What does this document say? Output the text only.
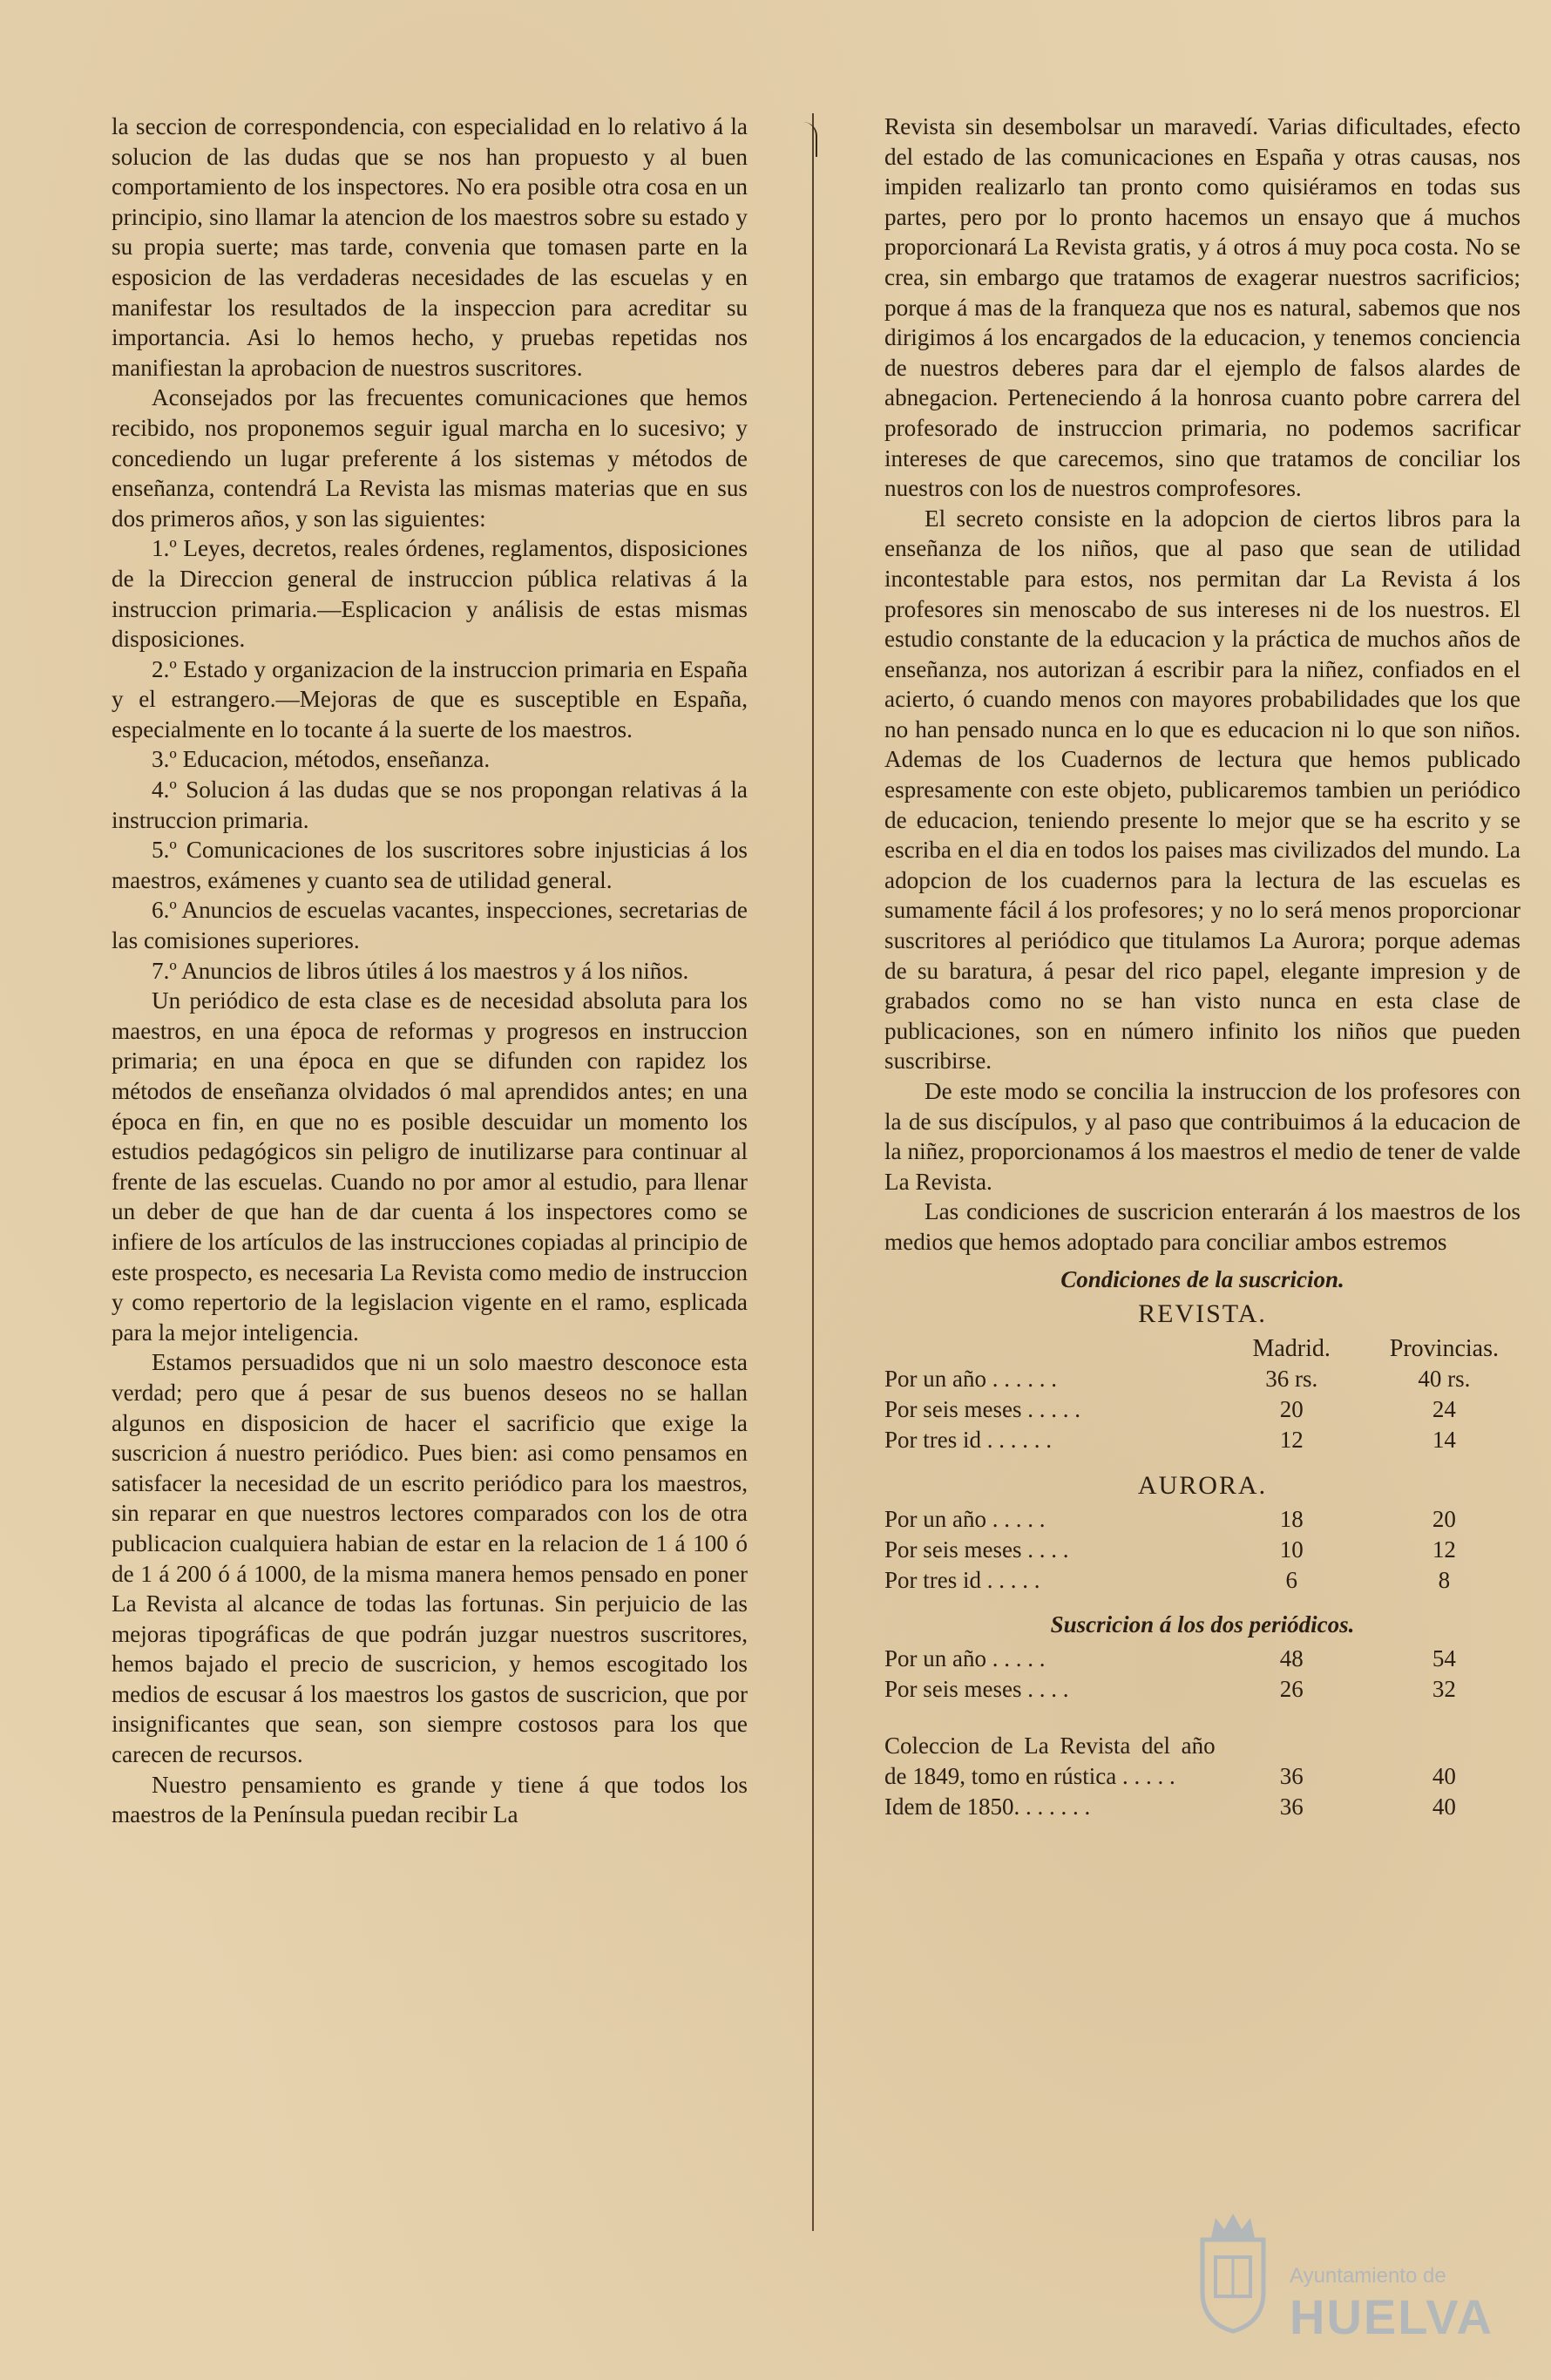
la seccion de correspondencia, con especialidad en lo relativo á la solucion de las dudas que se nos han propuesto y al buen comportamiento de los inspectores. No era posible otra cosa en un principio, sino llamar la atencion de los maestros sobre su estado y su propia suerte; mas tarde, convenia que tomasen parte en la esposicion de las verdaderas necesidades de las escuelas y en manifestar los resultados de la inspeccion para acreditar su importancia. Asi lo hemos hecho, y pruebas repetidas nos manifiestan la aprobacion de nuestros suscritores.

Aconsejados por las frecuentes comunicaciones que hemos recibido, nos proponemos seguir igual marcha en lo sucesivo; y concediendo un lugar preferente á los sistemas y métodos de enseñanza, contendrá La Revista las mismas materias que en sus dos primeros años, y son las siguientes:

1.º Leyes, decretos, reales órdenes, reglamentos, disposiciones de la Direccion general de instruccion pública relativas á la instruccion primaria.—Esplicacion y análisis de estas mismas disposiciones.

2.º Estado y organizacion de la instruccion primaria en España y el estrangero.—Mejoras de que es susceptible en España, especialmente en lo tocante á la suerte de los maestros.

3.º Educacion, métodos, enseñanza.

4.º Solucion á las dudas que se nos propongan relativas á la instruccion primaria.

5.º Comunicaciones de los suscritores sobre injusticias á los maestros, exámenes y cuanto sea de utilidad general.

6.º Anuncios de escuelas vacantes, inspecciones, secretarias de las comisiones superiores.

7.º Anuncios de libros útiles á los maestros y á los niños.

Un periódico de esta clase es de necesidad absoluta para los maestros, en una época de reformas y progresos en instruccion primaria; en una época en que se difunden con rapidez los métodos de enseñanza olvidados ó mal aprendidos antes; en una época en fin, en que no es posible descuidar un momento los estudios pedagógicos sin peligro de inutilizarse para continuar al frente de las escuelas. Cuando no por amor al estudio, para llenar un deber de que han de dar cuenta á los inspectores como se infiere de los artículos de las instrucciones copiadas al principio de este prospecto, es necesaria La Revista como medio de instruccion y como repertorio de la legislacion vigente en el ramo, esplicada para la mejor inteligencia.

Estamos persuadidos que ni un solo maestro desconoce esta verdad; pero que á pesar de sus buenos deseos no se hallan algunos en disposicion de hacer el sacrificio que exige la suscricion á nuestro periódico. Pues bien: asi como pensamos en satisfacer la necesidad de un escrito periódico para los maestros, sin reparar en que nuestros lectores comparados con los de otra publicacion cualquiera habian de estar en la relacion de 1 á 100 ó de 1 á 200 ó á 1000, de la misma manera hemos pensado en poner La Revista al alcance de todas las fortunas. Sin perjuicio de las mejoras tipográficas de que podrán juzgar nuestros suscritores, hemos bajado el precio de suscricion, y hemos escogitado los medios de escusar á los maestros los gastos de suscricion, que por insignificantes que sean, son siempre costosos para los que carecen de recursos.

Nuestro pensamiento es grande y tiene á que todos los maestros de la Península puedan recibir La

Revista sin desembolsar un maravedí. Varias dificultades, efecto del estado de las comunicaciones en España y otras causas, nos impiden realizarlo tan pronto como quisiéramos en todas sus partes, pero por lo pronto hacemos un ensayo que á muchos proporcionará La Revista gratis, y á otros á muy poca costa. No se crea, sin embargo que tratamos de exagerar nuestros sacrificios; porque á mas de la franqueza que nos es natural, sabemos que nos dirigimos á los encargados de la educacion, y tenemos conciencia de nuestros deberes para dar el ejemplo de falsos alardes de abnegacion. Perteneciendo á la honrosa cuanto pobre carrera del profesorado de instruccion primaria, no podemos sacrificar intereses de que carecemos, sino que tratamos de conciliar los nuestros con los de nuestros comprofesores.

El secreto consiste en la adopcion de ciertos libros para la enseñanza de los niños, que al paso que sean de utilidad incontestable para estos, nos permitan dar La Revista á los profesores sin menoscabo de sus intereses ni de los nuestros. El estudio constante de la educacion y la práctica de muchos años de enseñanza, nos autorizan á escribir para la niñez, confiados en el acierto, ó cuando menos con mayores probabilidades que los que no han pensado nunca en lo que es educacion ni lo que son niños. Ademas de los Cuadernos de lectura que hemos publicado espresamente con este objeto, publicaremos tambien un periódico de educacion, teniendo presente lo mejor que se ha escrito y se escriba en el dia en todos los paises mas civilizados del mundo. La adopcion de los cuadernos para la lectura de las escuelas es sumamente fácil á los profesores; y no lo será menos proporcionar suscritores al periódico que titulamos La Aurora; porque ademas de su baratura, á pesar del rico papel, elegante impresion y de grabados como no se han visto nunca en esta clase de publicaciones, son en número infinito los niños que pueden suscribirse.

De este modo se concilia la instruccion de los profesores con la de sus discípulos, y al paso que contribuimos á la educacion de la niñez, proporcionamos á los maestros el medio de tener de valde La Revista.

Las condiciones de suscricion enterarán á los maestros de los medios que hemos adoptado para conciliar ambos estremos

Condiciones de la suscricion.
REVISTA.
	Madrid.	Provincias.
Por un año . . . . . .	36 rs.	40 rs.
Por seis meses . . . . .	20	24
Por tres id . . . . . .	12	14
AURORA.
Por un año . . . . .	18	20
Por seis meses . . . .	10	12
Por tres id . . . . .	6	8
Suscricion á los dos periódicos.
Por un año . . . . .	48	54
Por seis meses . . . .	26	32
Coleccion de La Revista del año de 1849, tomo en rústica . . . . .	36	40
Idem de 1850. . . . . . .	36	40
Ayuntamiento de
HUELVA
